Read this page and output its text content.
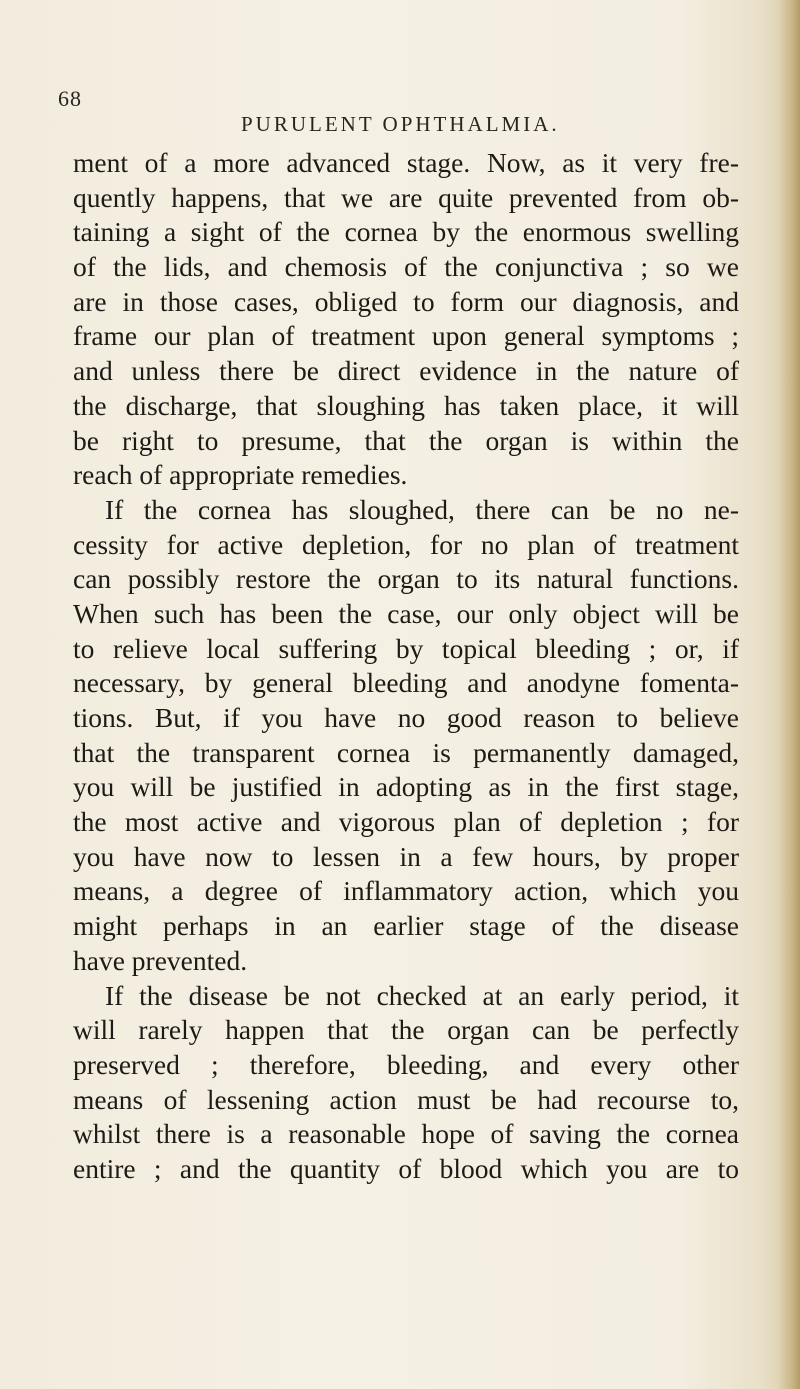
68
PURULENT OPHTHALMIA.
ment of a more advanced stage. Now, as it very fre-
quently happens, that we are quite prevented from ob-
taining a sight of the cornea by the enormous swelling
of the lids, and chemosis of the conjunctiva ; so we
are in those cases, obliged to form our diagnosis, and
frame our plan of treatment upon general symptoms ;
and unless there be direct evidence in the nature of
the discharge, that sloughing has taken place, it will
be right to presume, that the organ is within the
reach of appropriate remedies.
If the cornea has sloughed, there can be no ne-
cessity for active depletion, for no plan of treatment
can possibly restore the organ to its natural functions.
When such has been the case, our only object will be
to relieve local suffering by topical bleeding ; or, if
necessary, by general bleeding and anodyne fomenta-
tions. But, if you have no good reason to believe
that the transparent cornea is permanently damaged,
you will be justified in adopting as in the first stage,
the most active and vigorous plan of depletion ; for
you have now to lessen in a few hours, by proper
means, a degree of inflammatory action, which you
might perhaps in an earlier stage of the disease
have prevented.
If the disease be not checked at an early period, it
will rarely happen that the organ can be perfectly
preserved ; therefore, bleeding, and every other
means of lessening action must be had recourse to,
whilst there is a reasonable hope of saving the cornea
entire ; and the quantity of blood which you are to
